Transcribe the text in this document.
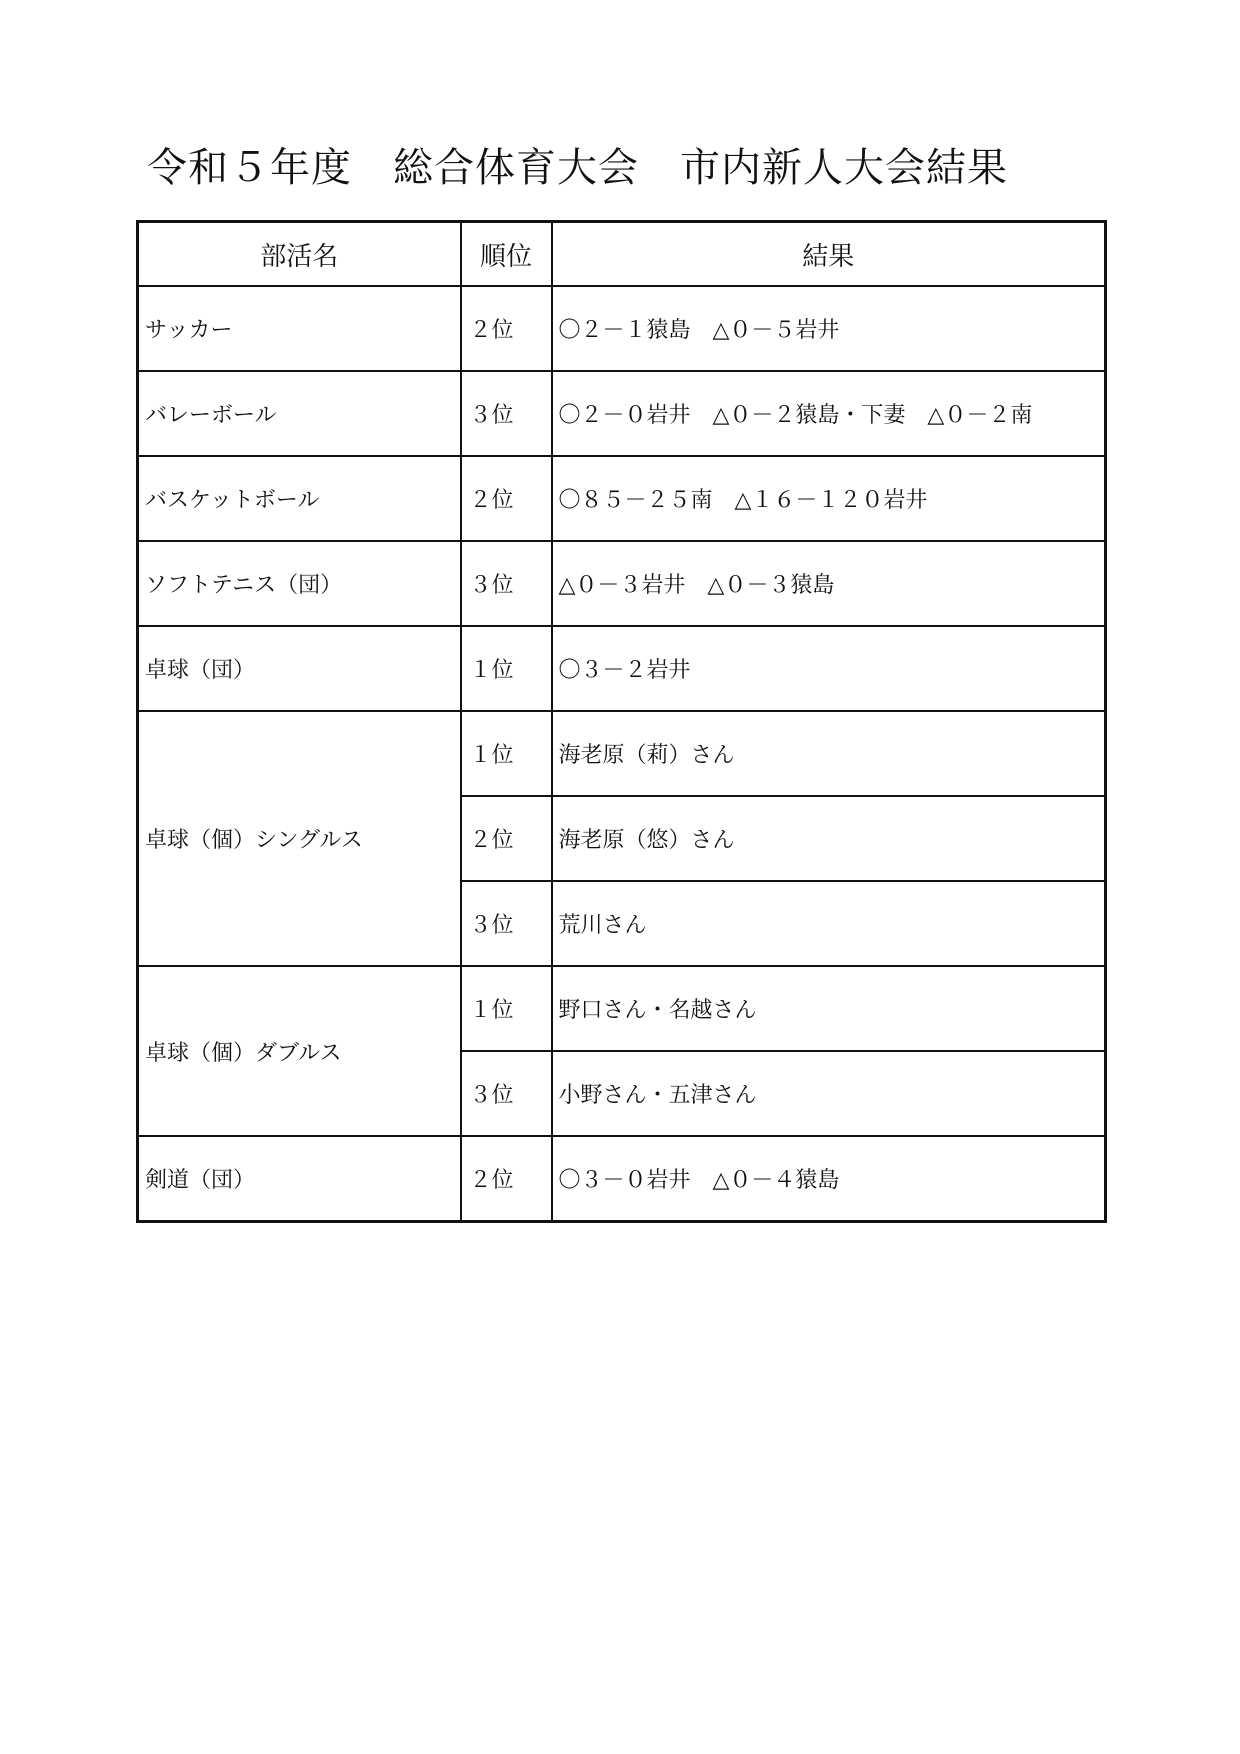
令和５年度　総合体育大会　市内新人大会結果
部活名	順位	結果
サッカー	２位	〇２－１猿島　△０－５岩井
バレーボール	３位	〇２－０岩井　△０－２猿島・下妻　△０－２南
バスケットボール	２位	〇８５－２５南　△１６－１２０岩井
ソフトテニス（団）	３位	△０－３岩井　△０－３猿島
卓球（団）	１位	〇３－２岩井
卓球（個）シングルス	１位	海老原（莉）さん
	２位	海老原（悠）さん
	３位	荒川さん
卓球（個）ダブルス	１位	野口さん・名越さん
	３位	小野さん・五津さん
剣道（団）	２位	〇３－０岩井　△０－４猿島
